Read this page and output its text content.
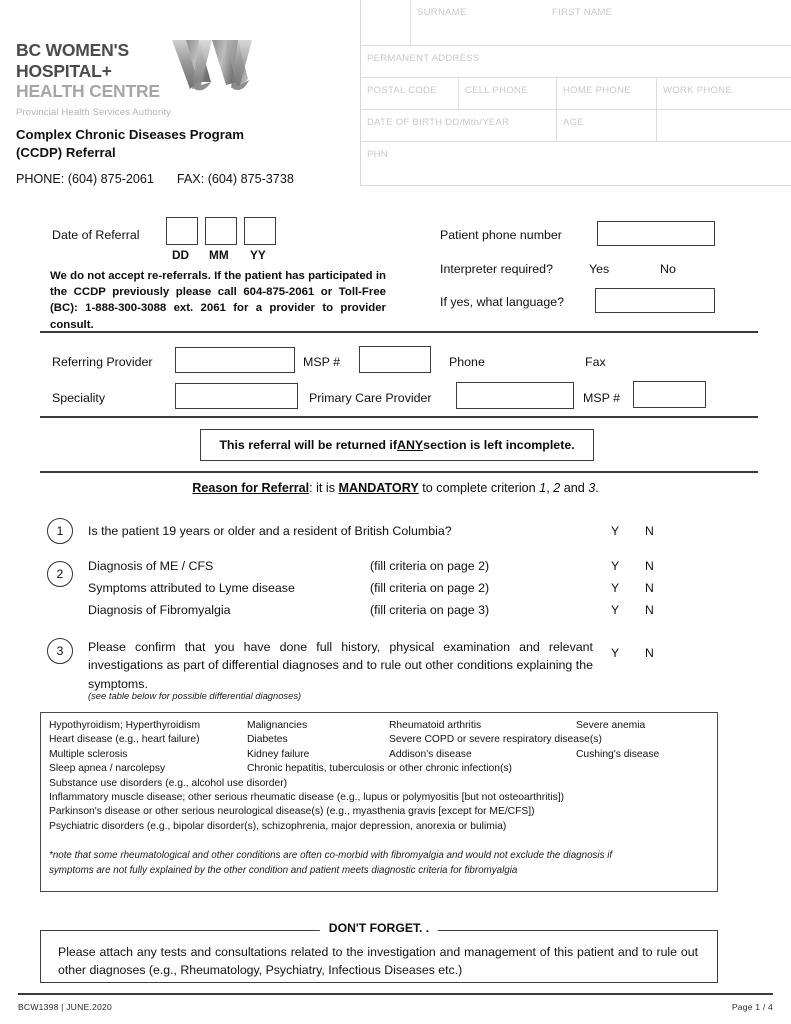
SURNAME	FIRST NAME
PERMANENT ADDRESS
POSTAL CODE	CELL PHONE	HOME PHONE	WORK PHONE
DATE OF BIRTH DD/Mth/YEAR	AGE
PHN
BC WOMEN'S
HOSPITAL+
HEALTH CENTRE
Provincial Health Services Authority
Complex Chronic Diseases Program
(CCDP) Referral
PHONE: (604) 875-2061 FAX: (604) 875-3738
Date of Referral
DD MM YY
We do not accept re-referrals. If the patient has participated in the CCDP previously please call 604-875-2061 or Toll-Free (BC): 1-888-300-3088 ext. 2061 for a provider to provider consult.
Patient phone number
Interpreter required?	Yes	No
If yes, what language?
Referring Provider	MSP #	Phone	Fax
Speciality	Primary Care Provider	MSP #
This referral will be returned if ANY section is left incomplete.
Reason for Referral: it is MANDATORY to complete criterion 1, 2 and 3.
1	Is the patient 19 years or older and a resident of British Columbia?	Y N
2
Diagnosis of ME / CFS	(fill criteria on page 2)	Y N
Symptoms attributed to Lyme disease	(fill criteria on page 2)	Y N
Diagnosis of Fibromyalgia	(fill criteria on page 3)	Y N
3	Please confirm that you have done full history, physical examination and relevant investigations as part of differential diagnoses and to rule out other conditions explaining the symptoms.
(see table below for possible differential diagnoses)
Y N
Hypothyroidism; Hyperthyroidism	Malignancies	Rheumatoid arthritis	Severe anemia
Heart disease (e.g., heart failure)	Diabetes	Severe COPD or severe respiratory disease(s)
Multiple sclerosis	Kidney failure	Addison's disease	Cushing's disease
Sleep apnea / narcolepsy	Chronic hepatitis, tuberculosis or other chronic infection(s)
Substance use disorders (e.g., alcohol use disorder)
Inflammatory muscle disease; other serious rheumatic disease (e.g., lupus or polymyositis [but not osteoarthritis])
Parkinson's disease or other serious neurological disease(s) (e.g., myasthenia gravis [except for ME/CFS])
Psychiatric disorders (e.g., bipolar disorder(s), schizophrenia, major depression, anorexia or bulimia)
*note that some rheumatological and other conditions are often co-morbid with fibromyalgia and would not exclude the diagnosis if symptoms are not fully explained by the other condition and patient meets diagnostic criteria for fibromyalgia
DON'T FORGET. .
Please attach any tests and consultations related to the investigation and management of this patient and to rule out other diagnoses (e.g., Rheumatology, Psychiatry, Infectious Diseases etc.)
BCW1398 | JUNE.2020	Page 1 / 4
